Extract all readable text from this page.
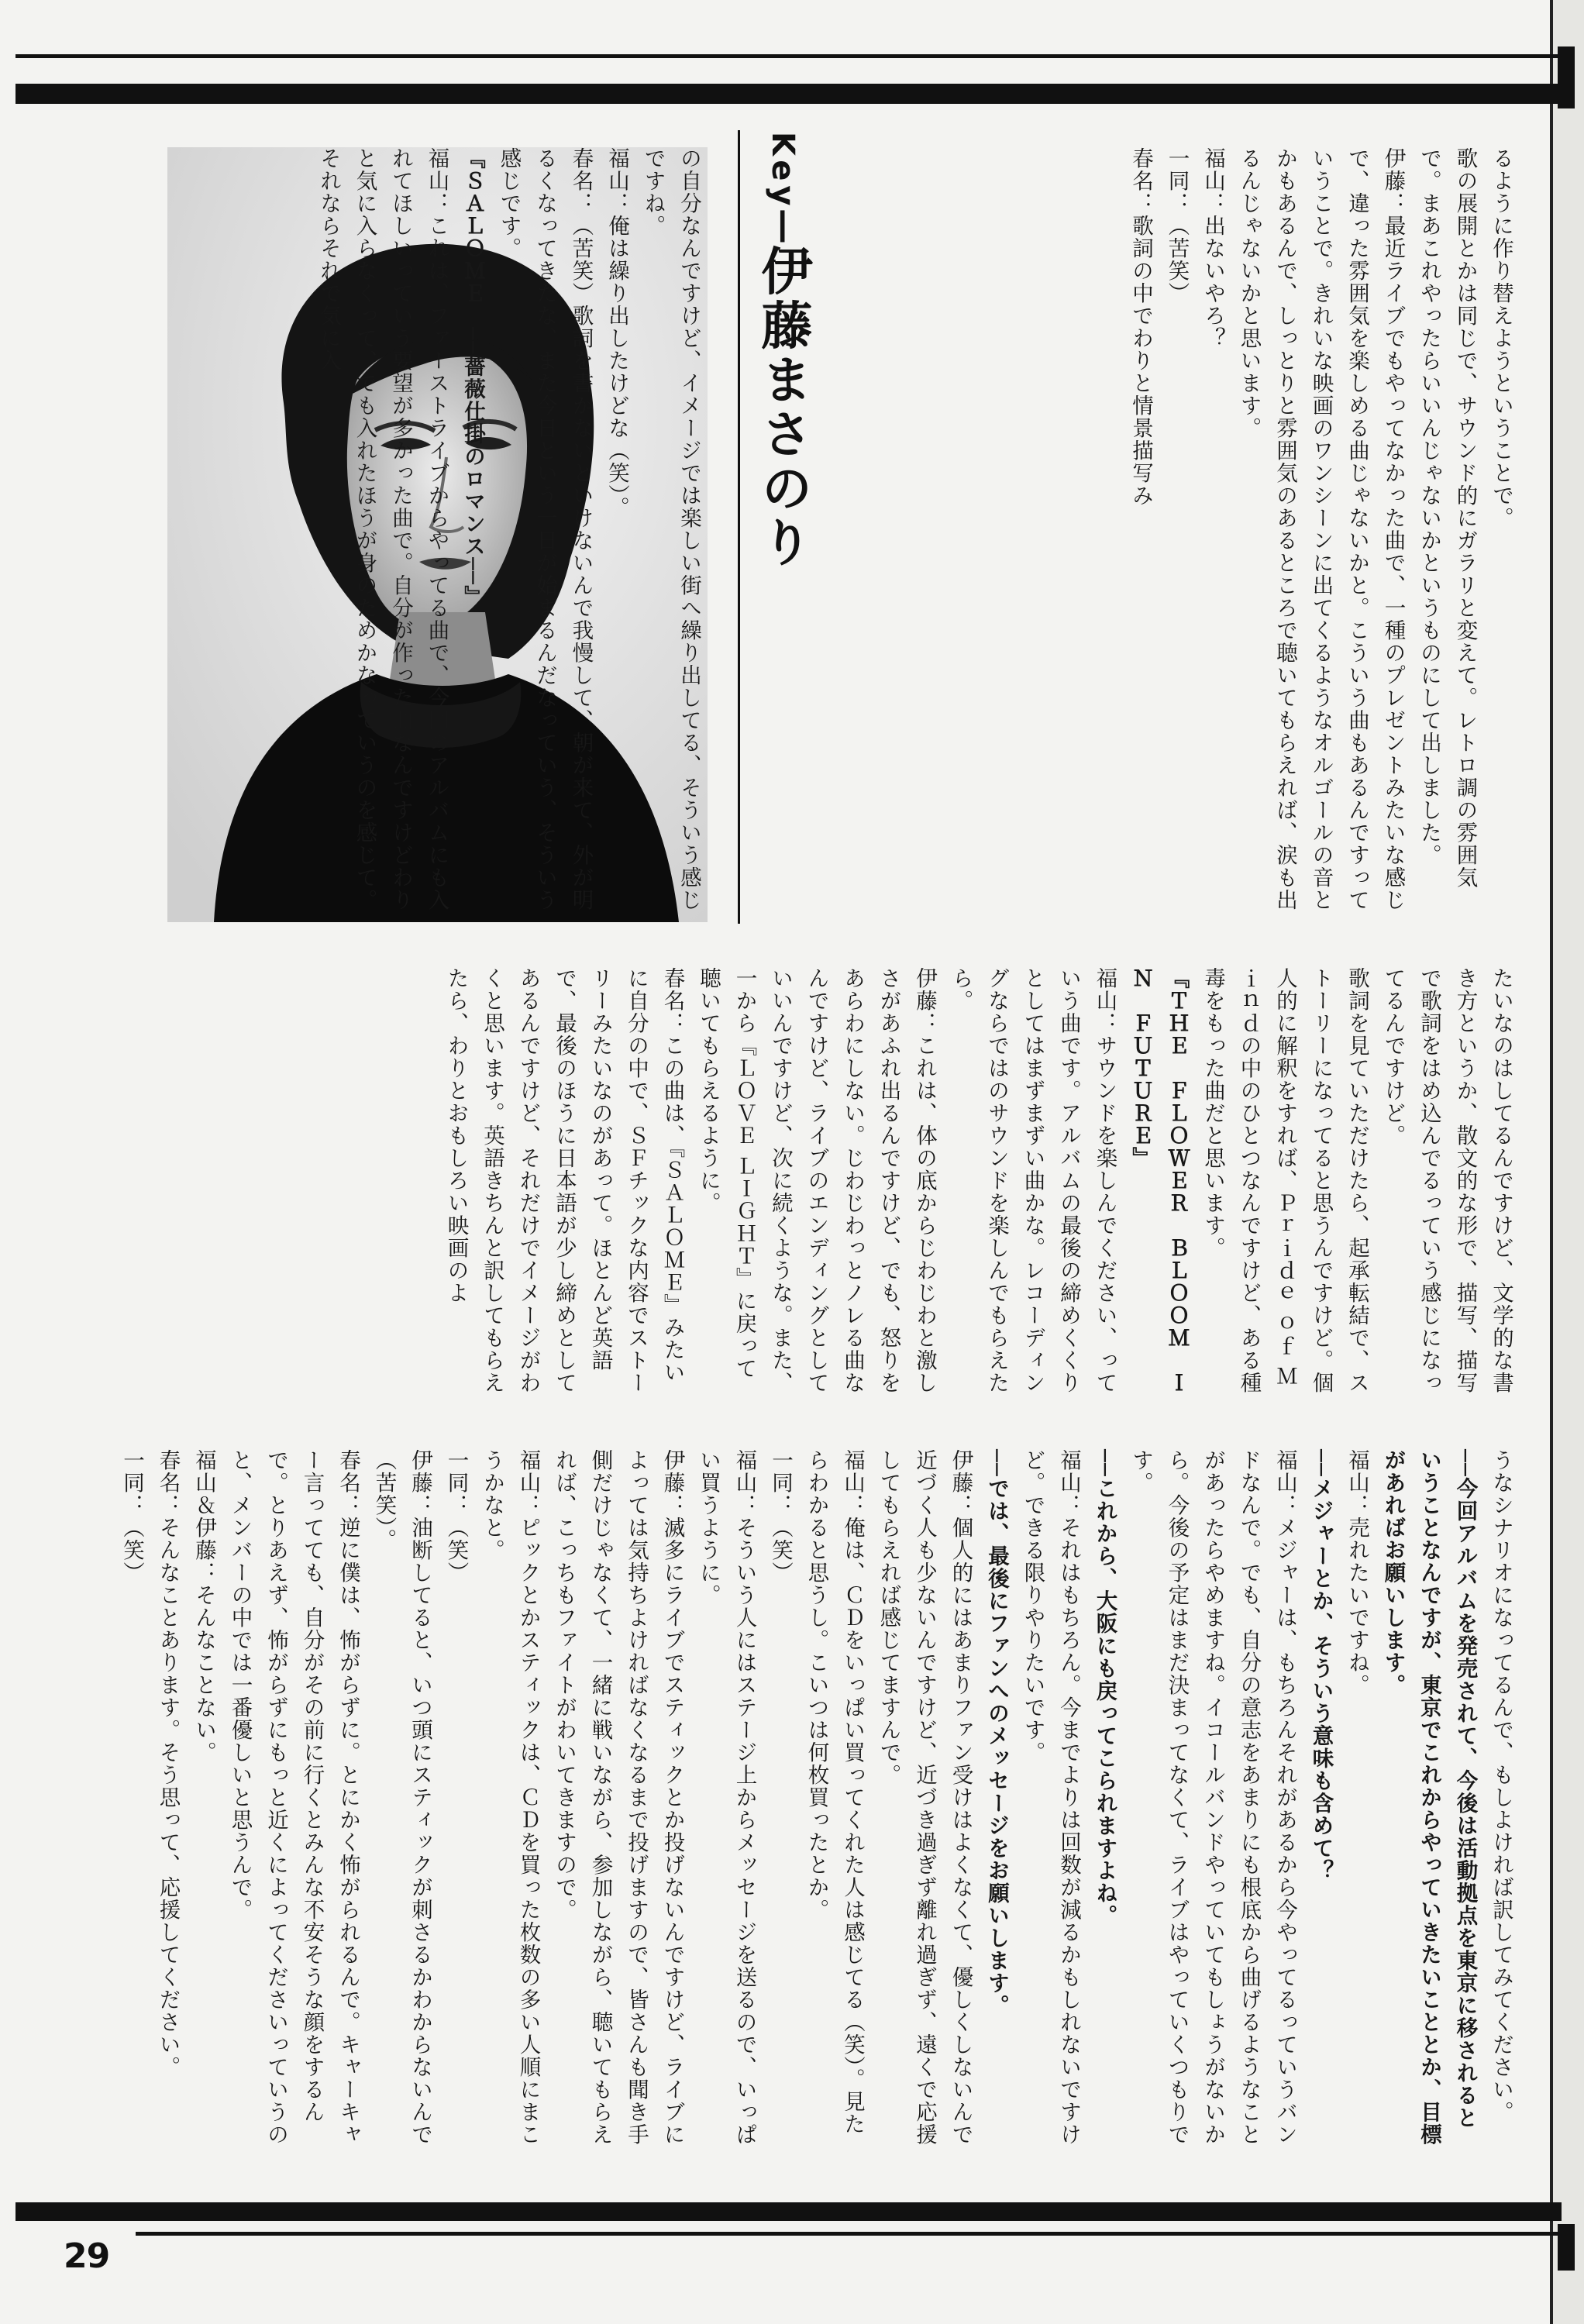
Key─伊藤まさのり	るように作り替えようということで。

歌の展開とかは同じで、サウンド的にガラリと変えて。レトロ調の雰囲気で。まあこれやったらいいんじゃないかというものにして出しました。

伊藤：最近ライブでもやってなかった曲で、一種のプレゼントみたいな感じで、違った雰囲気を楽しめる曲じゃないかと。こういう曲もあるんですっていうことで。きれいな映画のワンシーンに出てくるようなオルゴールの音とかもあるんで、しっとりと雰囲気のあるところで聴いてもらえれば、涙も出るんじゃないかと思います。

福山：出ないやろ？

一同：（苦笑）

春名：歌詞の中でわりと情景描写み

の自分なんですけど、イメージでは楽しい街へ繰り出してる、そういう感じですね。

福山：俺は繰り出したけどな（笑）。

春名：（苦笑）歌詞を書かないといけないんで我慢して、朝が来て、外が明るくなってきたな、また今日という一日が始まるんだなっていう、そういう感じです。

『ＳＡＬＯＭＥ　──薔薇仕掛のロマンス──』

福山：これは、ファーストライブからやってる曲で、今回のアルバムにも入れてほしいっていう要望が多かった曲で。自分が作った曲なんですけどわりと気に入らなくって、でも入れたほうが身のためかなっていうのを感じて。それならそれで気に入

たいなのはしてるんですけど、文学的な書き方というか、散文的な形で、描写、描写で歌詞をはめ込んでるっていう感じになってるんですけど。

歌詞を見ていただけたら、起承転結で、ストーリーになってると思うんですけど。個人的に解釈をすれば、Ｐｒｉｄｅ ｏｆ Ｍｉｎｄの中のひとつなんですけど、ある種毒をもった曲だと思います。

『ＴＨＥ　ＦＬＯＷＥＲ　ＢＬＯＯＭ　ＩＮ　ＦＵＴＵＲＥ』

福山：サウンドを楽しんでください、っていう曲です。アルバムの最後の締めくくりとしてはまずまずい曲かな。レコーディングならではのサウンドを楽しんでもらえたら。

伊藤：これは、体の底からじわじわと激しさがあふれ出るんですけど、でも、怒りをあらわにしない。じわじわっとノレる曲なんですけど、ライブのエンディングとしていいんですけど、次に続くような。また、一から『ＬＯＶＥ ＬＩＧＨＴ』に戻って聴いてもらえるように。

春名：この曲は、『ＳＡＬＯＭＥ』みたいに自分の中で、ＳＦチックな内容でストーリーみたいなのがあって。ほとんど英語で、最後のほうに日本語が少し締めとしてあるんですけど、それだけでイメージがわくと思います。英語きちんと訳してもらえたら、わりとおもしろい映画のよ

うなシナリオになってるんで、もしよければ訳してみてください。

──今回アルバムを発売されて、今後は活動拠点を東京に移されるということなんですが、東京でこれからやっていきたいこととか、目標があればお願いします。

福山：売れたいですね。

──メジャーとか、そういう意味も含めて？

福山：メジャーは、もちろんそれがあるから今やってるっていうバンドなんで。でも、自分の意志をあまりにも根底から曲げるようなことがあったらやめますね。イコールバンドやっていてもしょうがないから。今後の予定はまだ決まってなくて、ライブはやっていくつもりです。

──これから、大阪にも戻ってこられますよね。

福山：それはもちろん。今までよりは回数が減るかもしれないですけど。できる限りやりたいです。

──では、最後にファンへのメッセージをお願いします。

伊藤：個人的にはあまりファン受けはよくなくて、優しくしないんで近づく人も少ないんですけど、近づき過ぎず離れ過ぎず、遠くで応援してもらえれば感じてますんで。

福山：俺は、ＣＤをいっぱい買ってくれた人は感じてる（笑）。見たらわかると思うし。こいつは何枚買ったとか。

一同：（笑）

福山：そういう人にはステージ上からメッセージを送るので、いっぱい買うように。

伊藤：滅多にライブでスティックとか投げないんですけど、ライブによっては気持ちよければなくなるまで投げますので、皆さんも聞き手側だけじゃなくて、一緒に戦いながら、参加しながら、聴いてもらえれば、こっちもファイトがわいてきますので。

福山：ピックとかスティックは、ＣＤを買った枚数の多い人順にまこうかなと。

一同：（笑）

伊藤：油断してると、いつ頭にスティックが刺さるかわからないんで（苦笑）。

春名：逆に僕は、怖がらずに。とにかく怖がられるんで。キャーキャー言ってても、自分がその前に行くとみんな不安そうな顔をするんで。とりあえず、怖がらずにもっと近くによってくださいっていうのと、メンバーの中では一番優しいと思うんで。

福山＆伊藤：そんなことない。

春名：そんなことあります。そう思って、応援してください。

一同：（笑）

29
